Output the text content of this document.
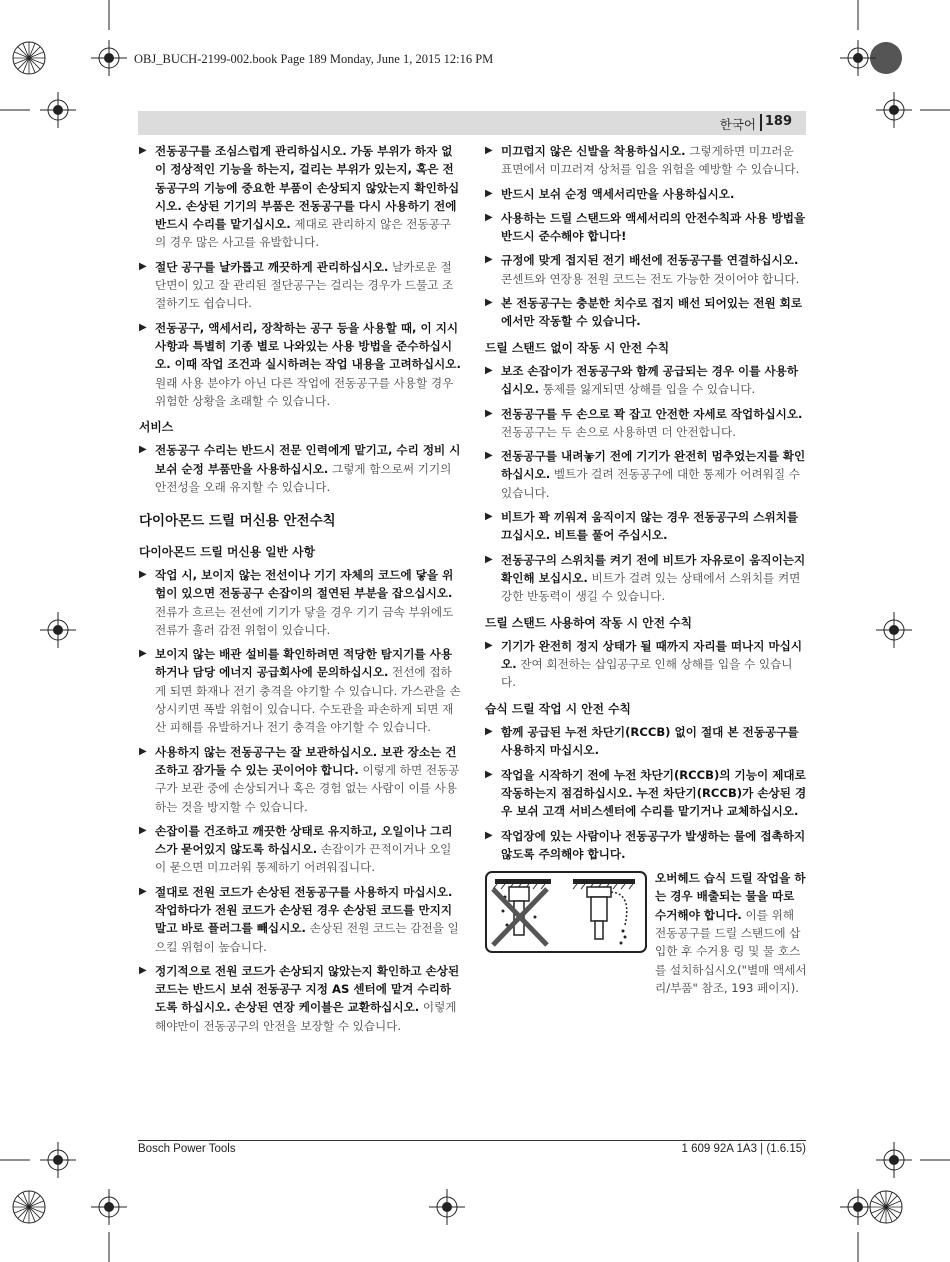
OBJ_BUCH-2199-002.book Page 189 Monday, June 1, 2015 12:16 PM
한국어 189
▶ 전동공구를 조심스럽게 관리하십시오. 가동 부위가 하자 없이 정상적인 기능을 하는지, 걸리는 부위가 있는지, 혹은 전동공구의 기능에 중요한 부품이 손상되지 않았는지 확인하십시오. 손상된 기기의 부품은 전동공구를 다시 사용하기 전에 반드시 수리를 맡기십시오. 제대로 관리하지 않은 전동공구의 경우 많은 사고를 유발합니다.
▶ 절단 공구를 날카롭고 깨끗하게 관리하십시오. 날카로운 절단면이 있고 잘 관리된 절단공구는 걸리는 경우가 드물고 조절하기도 쉽습니다.
▶ 전동공구, 액세서리, 장착하는 공구 등을 사용할 때, 이 지시 사항과 특별히 기종 별로 나와있는 사용 방법을 준수하십시오. 이때 작업 조건과 실시하려는 작업 내용을 고려하십시오. 원래 사용 분야가 아닌 다른 작업에 전동공구를 사용할 경우 위험한 상황을 초래할 수 있습니다.
서비스
▶ 전동공구 수리는 반드시 전문 인력에게 맡기고, 수리 정비 시 보쉬 순정 부품만을 사용하십시오. 그렇게 함으로써 기기의 안전성을 오래 유지할 수 있습니다.
다이아몬드 드릴 머신용 안전수칙
다이아몬드 드릴 머신용 일반 사항
▶ 작업 시, 보이지 않는 전선이나 기기 자체의 코드에 닿을 위험이 있으면 전동공구 손잡이의 절연된 부분을 잡으십시오. 전류가 흐르는 전선에 기기가 닿을 경우 기기 금속 부위에도 전류가 흘러 감전 위험이 있습니다.
▶ 보이지 않는 배관 설비를 확인하려면 적당한 탐지기를 사용하거나 담당 에너지 공급회사에 문의하십시오. 전선에 접하게 되면 화재나 전기 충격을 야기할 수 있습니다. 가스관을 손상시키면 폭발 위험이 있습니다. 수도관을 파손하게 되면 재산 피해를 유발하거나 전기 충격을 야기할 수 있습니다.
▶ 사용하지 않는 전동공구는 잘 보관하십시오. 보관 장소는 건조하고 잠가둘 수 있는 곳이어야 합니다. 이렇게 하면 전동공구가 보관 중에 손상되거나 혹은 경험 없는 사람이 이를 사용하는 것을 방지할 수 있습니다.
▶ 손잡이를 건조하고 깨끗한 상태로 유지하고, 오일이나 그리스가 묻어있지 않도록 하십시오. 손잡이가 끈적이거나 오일이 묻으면 미끄러워 통제하기 어려워집니다.
▶ 절대로 전원 코드가 손상된 전동공구를 사용하지 마십시오. 작업하다가 전원 코드가 손상된 경우 손상된 코드를 만지지 말고 바로 플러그를 빼십시오. 손상된 전원 코드는 감전을 일으킬 위험이 높습니다.
▶ 정기적으로 전원 코드가 손상되지 않았는지 확인하고 손상된 코드는 반드시 보쉬 전동공구 지정 AS 센터에 맡겨 수리하도록 하십시오. 손상된 연장 케이블은 교환하십시오. 이렇게 해야만이 전동공구의 안전을 보장할 수 있습니다.
▶ 미끄럽지 않은 신발을 착용하십시오. 그렇게하면 미끄러운 표면에서 미끄러져 상처를 입을 위험을 예방할 수 있습니다.
▶ 반드시 보쉬 순정 액세서리만을 사용하십시오.
▶ 사용하는 드릴 스탠드와 액세서리의 안전수칙과 사용 방법을 반드시 준수해야 합니다!
▶ 규정에 맞게 접지된 전기 배선에 전동공구를 연결하십시오. 콘센트와 연장용 전원 코드는 전도 가능한 것이어야 합니다.
▶ 본 전동공구는 충분한 치수로 접지 배선 되어있는 전원 회로에서만 작동할 수 있습니다.
드릴 스탠드 없이 작동 시 안전 수칙
▶ 보조 손잡이가 전동공구와 함께 공급되는 경우 이를 사용하십시오. 통제를 잃게되면 상해를 입을 수 있습니다.
▶ 전동공구를 두 손으로 꽉 잡고 안전한 자세로 작업하십시오. 전동공구는 두 손으로 사용하면 더 안전합니다.
▶ 전동공구를 내려놓기 전에 기기가 완전히 멈추었는지를 확인하십시오. 벨트가 걸려 전동공구에 대한 통제가 어려워질 수 있습니다.
▶ 비트가 꽉 끼워져 움직이지 않는 경우 전동공구의 스위치를 끄십시오. 비트를 풀어 주십시오.
▶ 전동공구의 스위치를 켜기 전에 비트가 자유로이 움직이는지 확인해 보십시오. 비트가 걸려 있는 상태에서 스위치를 켜면 강한 반동력이 생길 수 있습니다.
드릴 스탠드 사용하여 작동 시 안전 수칙
▶ 기기가 완전히 정지 상태가 될 때까지 자리를 떠나지 마십시오. 잔여 회전하는 삽입공구로 인해 상해를 입을 수 있습니다.
습식 드릴 작업 시 안전 수칙
▶ 함께 공급된 누전 차단기(RCCB) 없이 절대 본 전동공구를 사용하지 마십시오.
▶ 작업을 시작하기 전에 누전 차단기(RCCB)의 기능이 제대로 작동하는지 점검하십시오. 누전 차단기(RCCB)가 손상된 경우 보쉬 고객 서비스센터에 수리를 맡기거나 교체하십시오.
▶ 작업장에 있는 사람이나 전동공구가 발생하는 물에 접촉하지 않도록 주의해야 합니다.
오버헤드 습식 드릴 작업을 하는 경우 배출되는 물을 따로 수거해야 합니다. 이를 위해 전동공구를 드릴 스탠드에 삽입한 후 수거용 링 및 물 호스를 설치하십시오("별매 액세서리/부품" 참조, 193 페이지).
Bosch Power Tools	1 609 92A 1A3 | (1.6.15)
